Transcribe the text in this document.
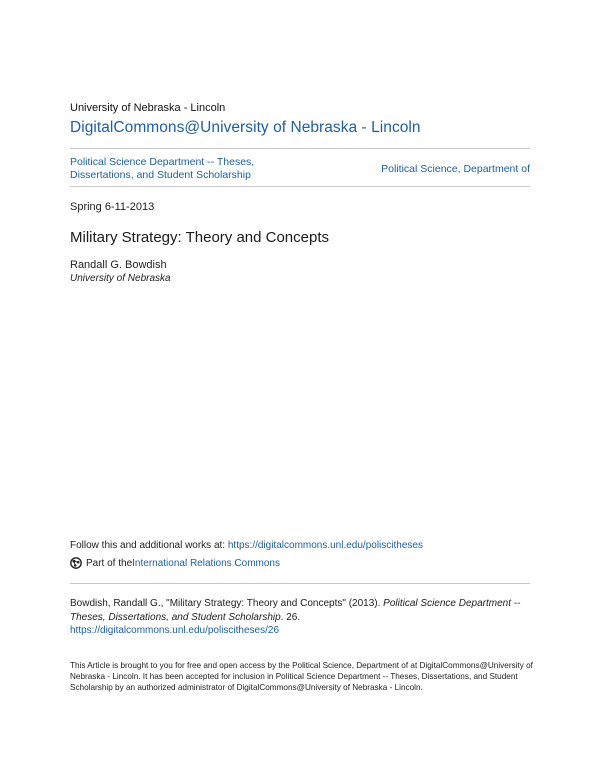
University of Nebraska - Lincoln
DigitalCommons@University of Nebraska - Lincoln
Political Science Department -- Theses,
Dissertations, and Student Scholarship	Political Science, Department of
Spring 6-11-2013
Military Strategy: Theory and Concepts
Randall G. Bowdish
University of Nebraska
Follow this and additional works at: https://digitalcommons.unl.edu/poliscitheses
Part of the International Relations Commons
Bowdish, Randall G., "Military Strategy: Theory and Concepts" (2013). Political Science Department -- Theses, Dissertations, and Student Scholarship. 26.
https://digitalcommons.unl.edu/poliscitheses/26
This Article is brought to you for free and open access by the Political Science, Department of at DigitalCommons@University of Nebraska - Lincoln. It has been accepted for inclusion in Political Science Department -- Theses, Dissertations, and Student Scholarship by an authorized administrator of DigitalCommons@University of Nebraska - Lincoln.
